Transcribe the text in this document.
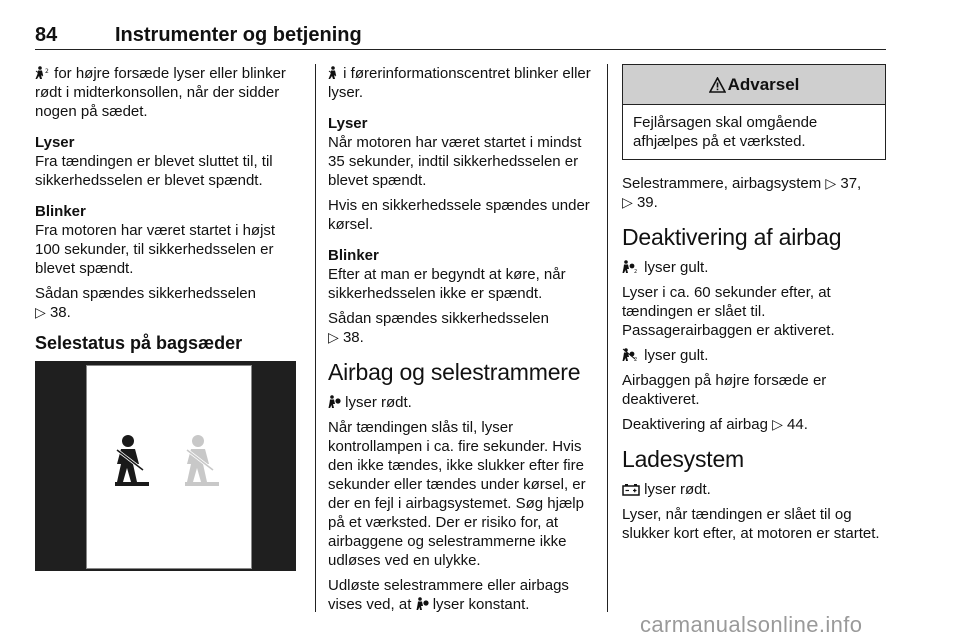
84	Instrumenter og betjening

2 for højre forsæde lyser eller blinker rødt i midterkonsollen, når der sidder nogen på sædet.

Lyser
Fra tændingen er blevet sluttet til, til sikkerhedsselen er blevet spændt.

Blinker
Fra motoren har været startet i højst 100 sekunder, til sikkerhedsselen er blevet spændt.

Sådan spændes sikkerhedsselen
▷ 38.

Selestatus på bagsæder

i førerinformationscentret blinker eller lyser.

Lyser
Når motoren har været startet i mindst 35 sekunder, indtil sikkerhedsselen er blevet spændt.

Hvis en sikkerhedssele spændes under kørsel.

Blinker
Efter at man er begyndt at køre, når sikkerhedsselen ikke er spændt.

Sådan spændes sikkerhedsselen
▷ 38.

Airbag og selestrammere

lyser rødt.

Når tændingen slås til, lyser kontrollampen i ca. fire sekunder. Hvis den ikke tændes, ikke slukker efter fire sekunder eller tændes under kørsel, er der en fejl i airbagsystemet. Søg hjælp på et værksted. Der er risiko for, at airbaggene og selestrammerne ikke udløses ved en ulykke.

Udløste selestrammere eller airbags vises ved, at lyser konstant.

Advarsel
Fejlårsagen skal omgående afhjælpes på et værksted.

Selestrammere, airbagsystem ▷ 37,
▷ 39.

Deaktivering af airbag

2 lyser gult.

Lyser i ca. 60 sekunder efter, at tændingen er slået til. Passagerairbaggen er aktiveret.

2 lyser gult.

Airbaggen på højre forsæde er deaktiveret.

Deaktivering af airbag ▷ 44.

Ladesystem

lyser rødt.

Lyser, når tændingen er slået til og slukker kort efter, at motoren er startet.

carmanualsonline.info
